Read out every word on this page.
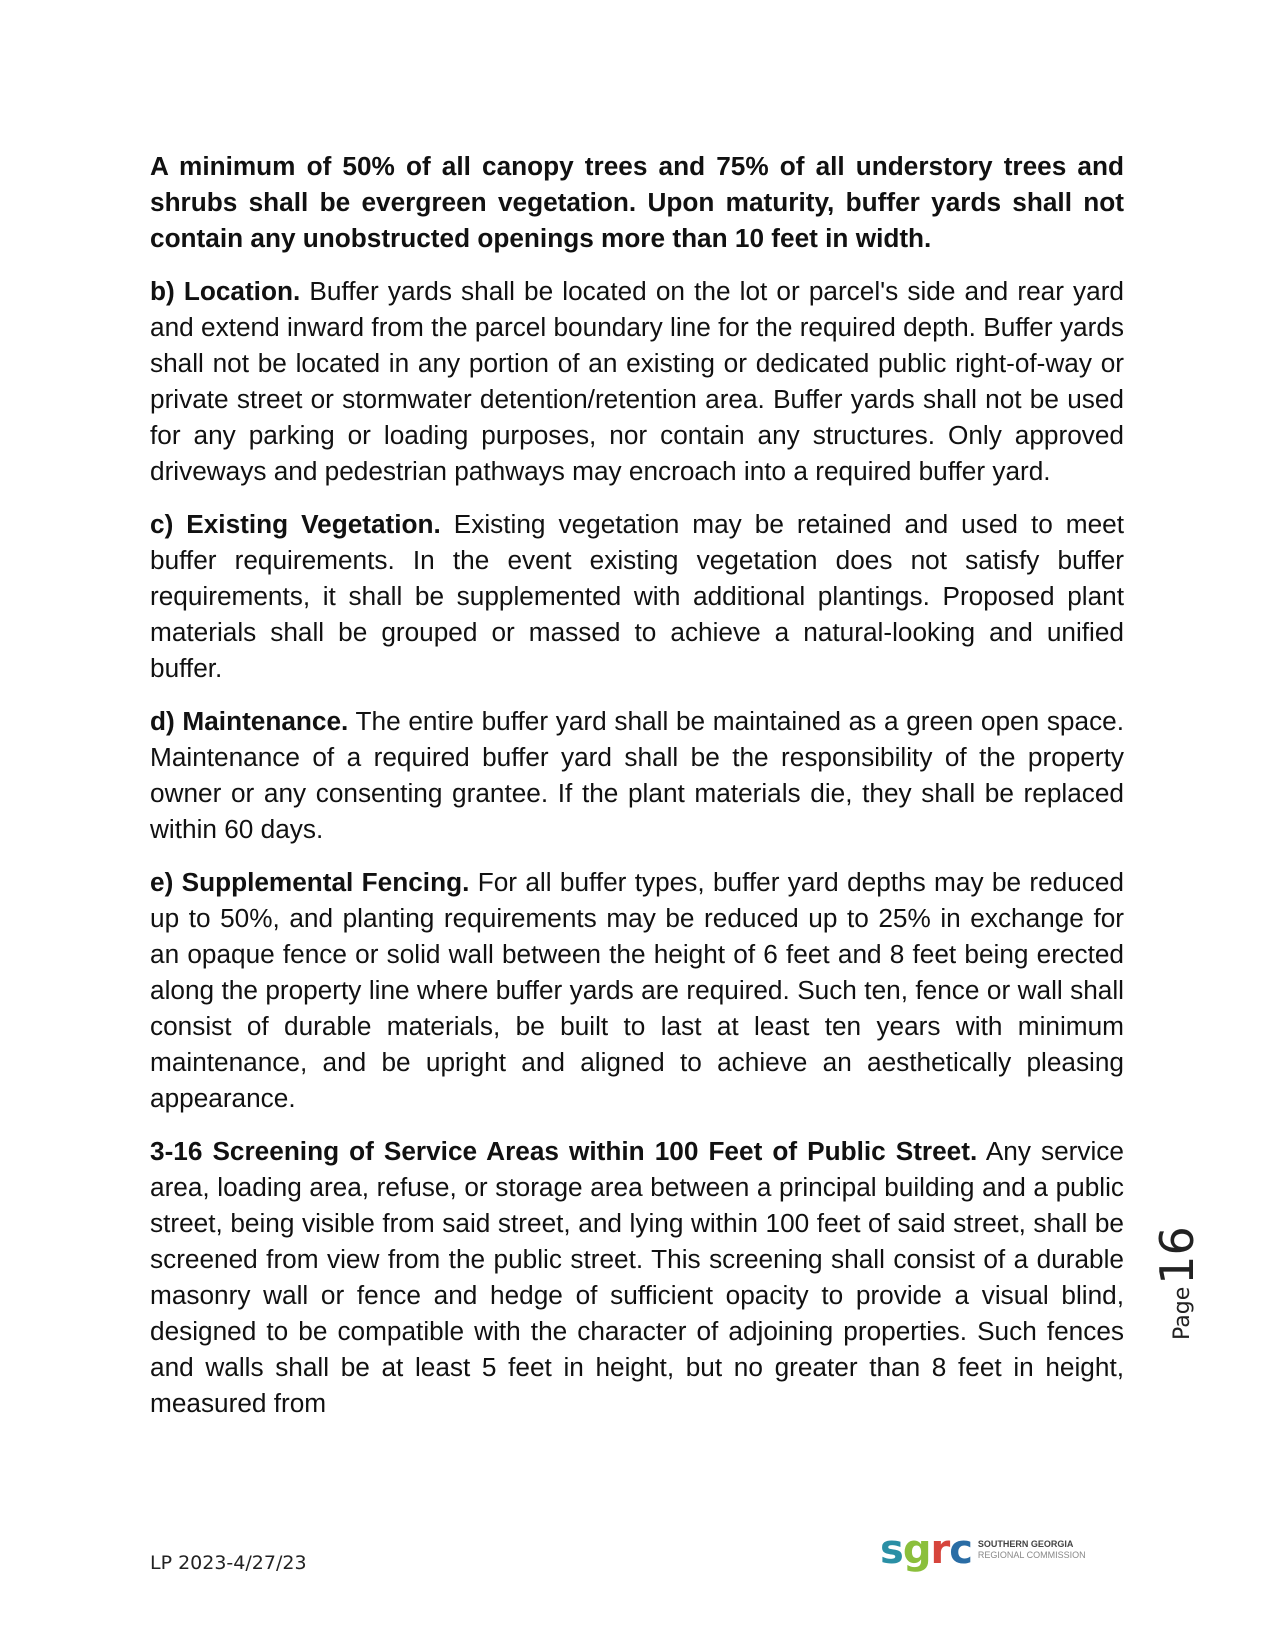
A minimum of 50% of all canopy trees and 75% of all understory trees and shrubs shall be evergreen vegetation. Upon maturity, buffer yards shall not contain any unobstructed openings more than 10 feet in width.

b) Location. Buffer yards shall be located on the lot or parcel's side and rear yard and extend inward from the parcel boundary line for the required depth. Buffer yards shall not be located in any portion of an existing or dedicated public right-of-way or private street or stormwater detention/retention area. Buffer yards shall not be used for any parking or loading purposes, nor contain any structures. Only approved driveways and pedestrian pathways may encroach into a required buffer yard.

c) Existing Vegetation. Existing vegetation may be retained and used to meet buffer requirements. In the event existing vegetation does not satisfy buffer requirements, it shall be supplemented with additional plantings. Proposed plant materials shall be grouped or massed to achieve a natural-looking and unified buffer.

d) Maintenance. The entire buffer yard shall be maintained as a green open space. Maintenance of a required buffer yard shall be the responsibility of the property owner or any consenting grantee. If the plant materials die, they shall be replaced within 60 days.

e) Supplemental Fencing. For all buffer types, buffer yard depths may be reduced up to 50%, and planting requirements may be reduced up to 25% in exchange for an opaque fence or solid wall between the height of 6 feet and 8 feet being erected along the property line where buffer yards are required. Such ten, fence or wall shall consist of durable materials, be built to last at least ten years with minimum maintenance, and be upright and aligned to achieve an aesthetically pleasing appearance.

3-16 Screening of Service Areas within 100 Feet of Public Street. Any service area, loading area, refuse, or storage area between a principal building and a public street, being visible from said street, and lying within 100 feet of said street, shall be screened from view from the public street. This screening shall consist of a durable masonry wall or fence and hedge of sufficient opacity to provide a visual blind, designed to be compatible with the character of adjoining properties. Such fences and walls shall be at least 5 feet in height, but no greater than 8 feet in height, measured from

Page
16
LP 2023-4/27/23	sgrc SOUTHERN GEORGIA
REGIONAL COMMISSION
